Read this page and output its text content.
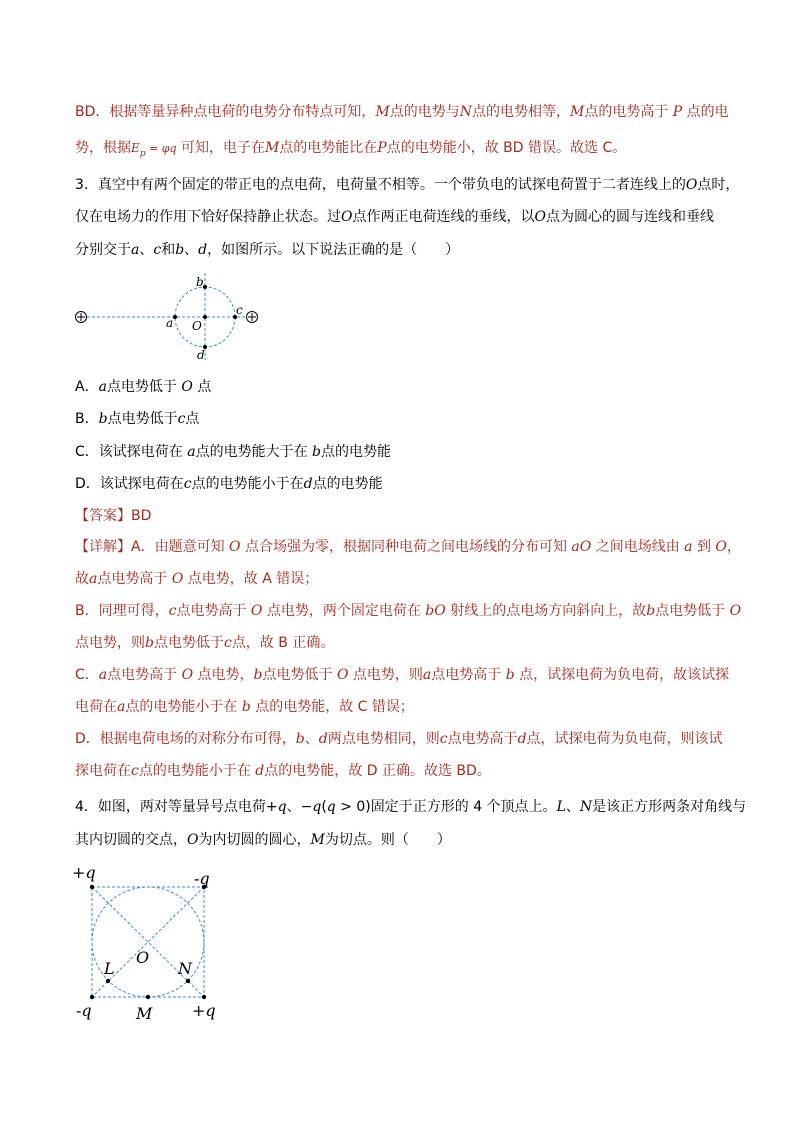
BD．根据等量异种点电荷的电势分布特点可知，M点的电势与N点的电势相等，M点的电势高于 P 点的电
势，根据$E_p = \varphi q$ 可知，电子在M点的电势能比在P点的电势能小，故 BD 错误。故选 C。
3．真空中有两个固定的带正电的点电荷，电荷量不相等。一个带负电的试探电荷置于二者连线上的O点时，
仅在电场力的作用下恰好保持静止状态。过O点作两正电荷连线的垂线，以O点为圆心的圆与连线和垂线
分别交于a、c和b、d，如图所示。以下说法正确的是（　　）
a O
c
b
d
A．a点电势低于 O 点
B．b点电势低于c点
C．该试探电荷在 a点的电势能大于在 b点的电势能
D．该试探电荷在c点的电势能小于在d点的电势能
【答案】BD
【详解】A．由题意可知 O 点合场强为零，根据同种电荷之间电场线的分布可知 aO 之间电场线由 a 到 O，
故a点电势高于 O 点电势，故 A 错误；
B．同理可得，c点电势高于 O 点电势，两个固定电荷在 bO 射线上的点电场方向斜向上，故b点电势低于 O
点电势，则b点电势低于c点，故 B 正确。
C．a点电势高于 O 点电势，b点电势低于 O 点电势，则a点电势高于 b 点，试探电荷为负电荷，故该试探
电荷在a点的电势能小于在 b 点的电势能，故 C 错误；
D．根据电荷电场的对称分布可得，b、d两点电势相同，则c点电势高于d点，试探电荷为负电荷，则该试
探电荷在c点的电势能小于在 d点的电势能，故 D 正确。故选 BD。
4．如图，两对等量异号点电荷+q、−q(q > 0)固定于正方形的 4 个顶点上。L、N是该正方形两条对角线与
其内切圆的交点，O为内切圆的圆心，M为切点。则（　　）
+q	-q
-q	+q
O
L	N
M
